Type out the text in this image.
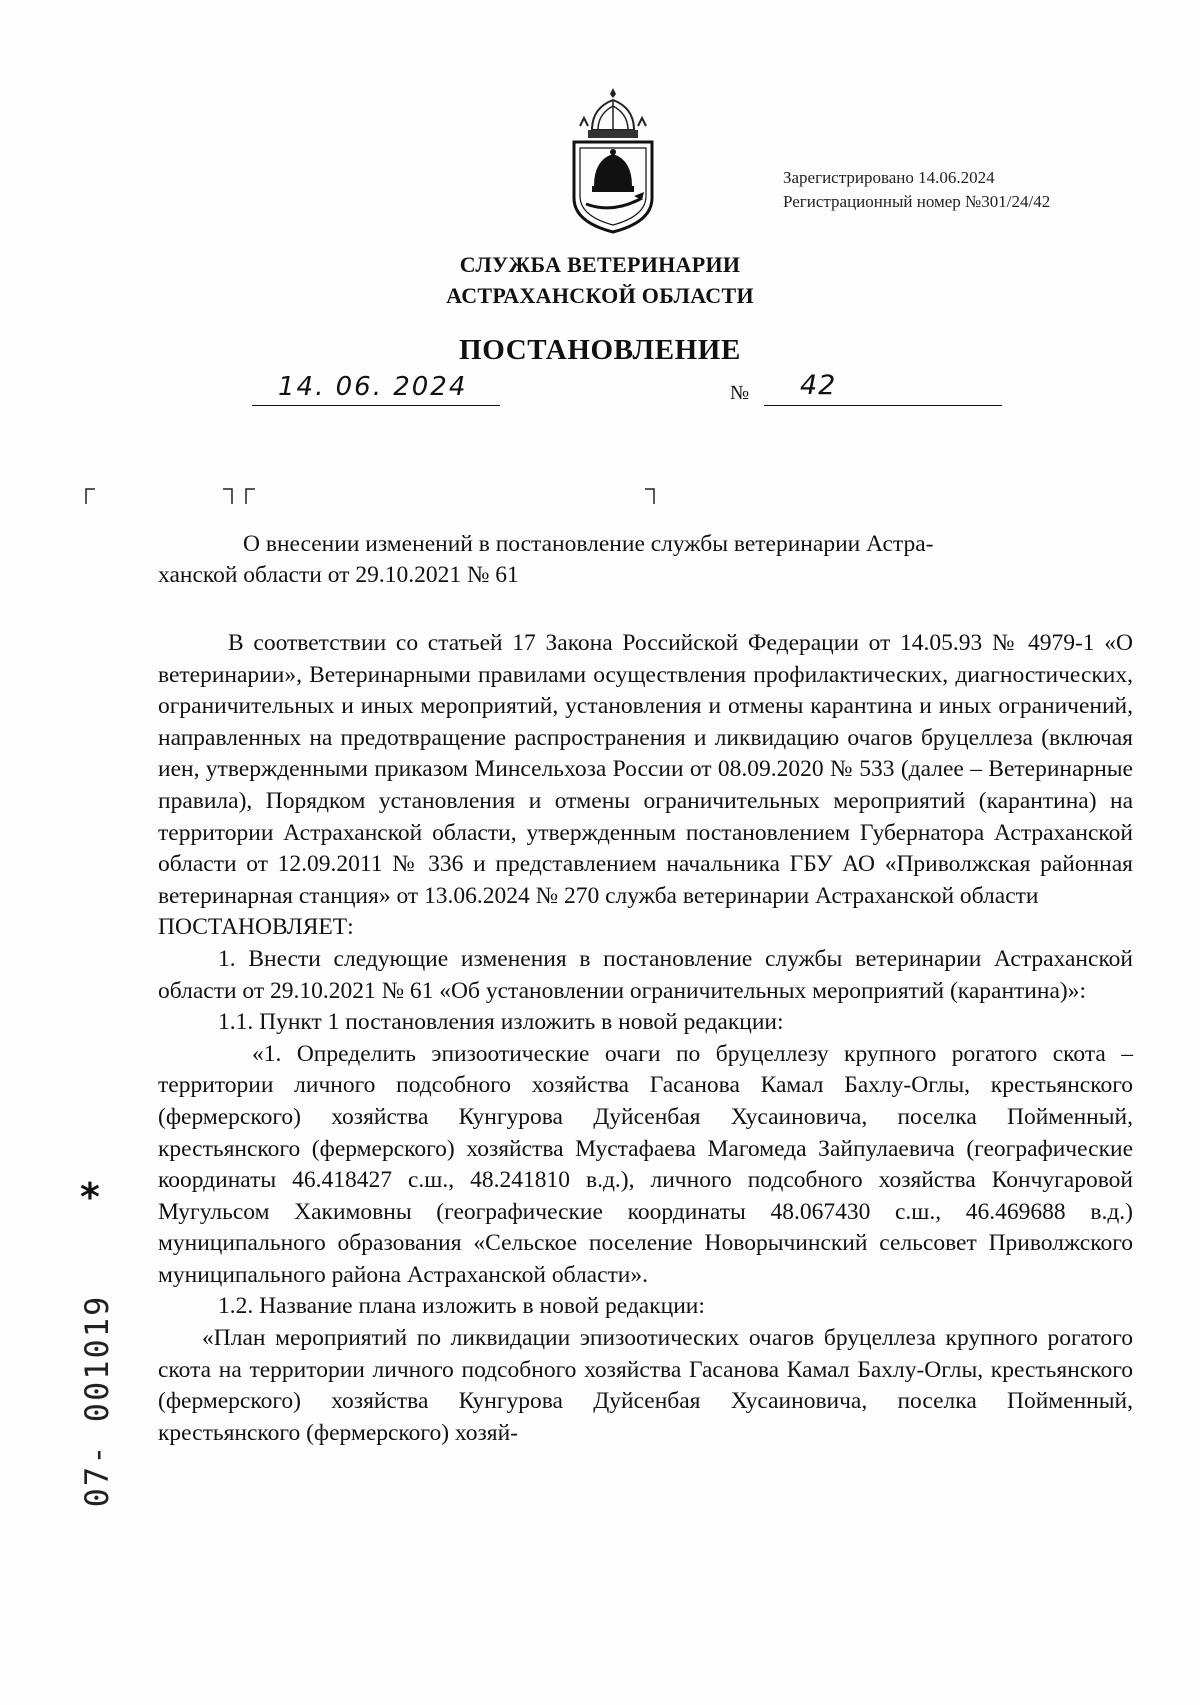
Зарегистрировано 14.06.2024
Регистрационный номер №301/24/42
СЛУЖБА ВЕТЕРИНАРИИ
АСТРАХАНСКОЙ ОБЛАСТИ
ПОСТАНОВЛЕНИЕ
14. 06. 2024	№ 42
О внесении изменений в постановление службы ветеринарии Астра-
ханской области от 29.10.2021 № 61

В соответствии со статьей 17 Закона Российской Федерации от 14.05.93 № 4979-1 «О ветеринарии», Ветеринарными правилами осуществления профилактических, диагностических, ограничительных и иных мероприятий, установления и отмены карантина и иных ограничений, направленных на предотвращение распространения и ликвидацию очагов бруцеллеза (включая иен, утвержденными приказом Минсельхоза России от 08.09.2020 № 533 (далее – Ветеринарные правила), Порядком установления и отмены ограничительных мероприятий (карантина) на территории Астраханской области, утвержденным постановлением Губернатора Астраханской области от 12.09.2011 № 336 и представлением начальника ГБУ АО «Приволжская районная ветеринарная станция» от 13.06.2024 № 270 служба ветеринарии Астраханской области

ПОСТАНОВЛЯЕТ:

1. Внести следующие изменения в постановление службы ветеринарии Астраханской области от 29.10.2021 № 61 «Об установлении ограничительных мероприятий (карантина)»:

1.1. Пункт 1 постановления изложить в новой редакции:

«1. Определить эпизоотические очаги по бруцеллезу крупного рогатого скота – территории личного подсобного хозяйства Гасанова Камал Бахлу-Оглы, крестьянского (фермерского) хозяйства Кунгурова Дуйсенбая Хусаиновича, поселка Пойменный, крестьянского (фермерского) хозяйства Мустафаева Магомеда Зайпулаевича (географические координаты 46.418427 с.ш., 48.241810 в.д.), личного подсобного хозяйства Кончугаровой Мугульсом Хакимовны (географические координаты 48.067430 с.ш., 46.469688 в.д.) муниципального образования «Сельское поселение Новорычинский сельсовет Приволжского муниципального района Астраханской области».

1.2. Название плана изложить в новой редакции:

«План мероприятий по ликвидации эпизоотических очагов бруцеллеза крупного рогатого скота на территории личного подсобного хозяйства Гасанова Камал Бахлу-Оглы, крестьянского (фермерского) хозяйства Кунгурова Дуйсенбая Хусаиновича, поселка Пойменный, крестьянского (фермерского) хозяй-

*
07- 001019
